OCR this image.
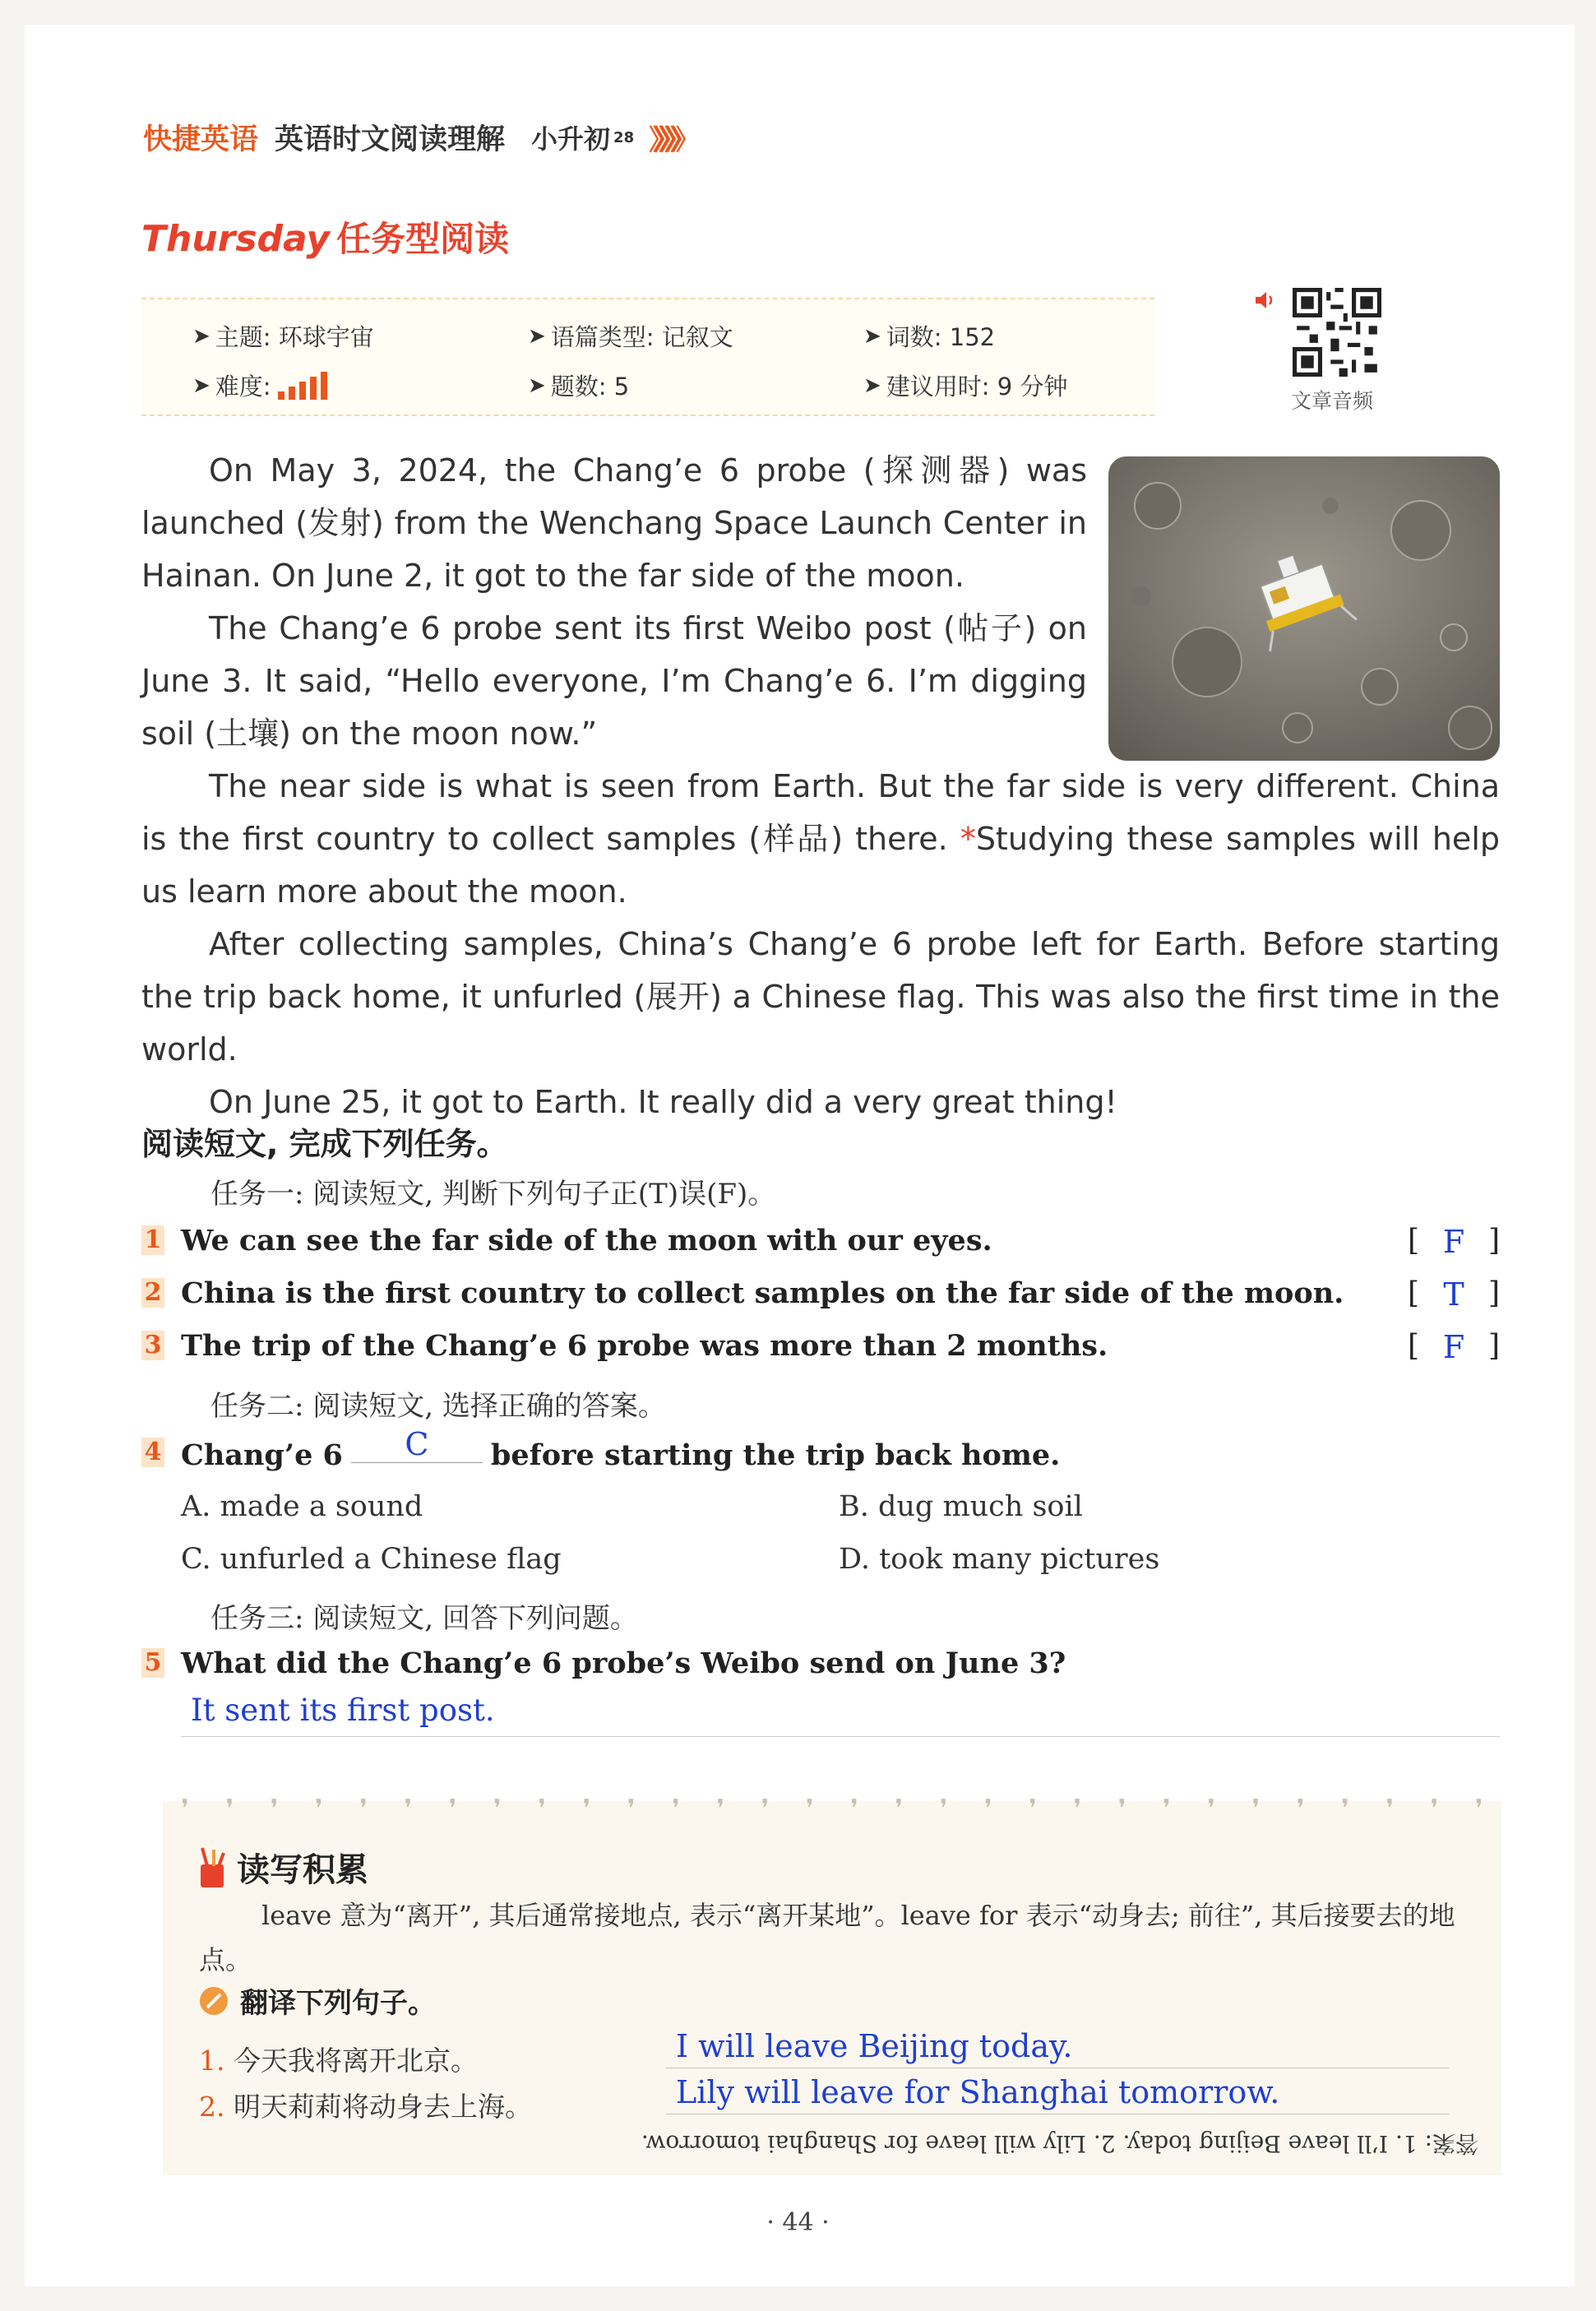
快捷英语 英语时文阅读理解 小升初 28 》》》》》
Thursday 任务型阅读
➤ 主题: 环球宇宙	➤ 语篇类型: 记叙文	➤ 词数: 152
➤ 难度:	➤ 题数: 5	➤ 建议用时: 9 分钟
文章音频

On May 3, 2024, the Chang’e 6 probe (探测器) was launched (发射) from the Wenchang Space Launch Center in Hainan. On June 2, it got to the far side of the moon.

The Chang’e 6 probe sent its first Weibo post (帖子) on June 3. It said, “Hello everyone, I’m Chang’e 6. I’m digging soil (土壤) on the moon now.”

The near side is what is seen from Earth. But the far side is very different. China is the first country to collect samples (样品) there. *Studying these samples will help us learn more about the moon.

After collecting samples, China’s Chang’e 6 probe left for Earth. Before starting the trip back home, it unfurled (展开) a Chinese flag. This was also the first time in the world.

On June 25, it got to Earth. It really did a very great thing!

阅读短文, 完成下列任务。
任务一: 阅读短文, 判断下列句子正(T)误(F)。
1 We can see the far side of the moon with our eyes.	[ F ]
2 China is the first country to collect samples on the far side of the moon. [ T ]
3 The trip of the Chang’e 6 probe was more than 2 months.	[ F ]
任务二: 阅读短文, 选择正确的答案。
4 Chang’e 6 C before starting the trip back home.
A. made a sound	B. dug much soil
C. unfurled a Chinese flag	D. took many pictures
任务三: 阅读短文, 回答下列问题。
5 What did the Chang’e 6 probe’s Weibo send on June 3?
It sent its first post.
❜ ❜ ❜ ❜ ❜ ❜ ❜ ❜ ❜ ❜ ❜ ❜ ❜ ❜ ❜ ❜ ❜ ❜ ❜ ❜ ❜ ❜ ❜ ❜ ❜ ❜ ❜ ❜ ❜ ❜
读写积累
leave 意为“离开”, 其后通常接地点, 表示“离开某地”。leave for 表示“动身去; 前往”, 其后接要去的地点。
翻译下列句子。
1. 今天我将离开北京。	I will leave Beijing today.
2. 明天莉莉将动身去上海。	Lily will leave for Shanghai tomorrow.
答案: 1. I’ll leave Beijing today. 2. Lily will leave for Shanghai tomorrow.
· 44 ·
